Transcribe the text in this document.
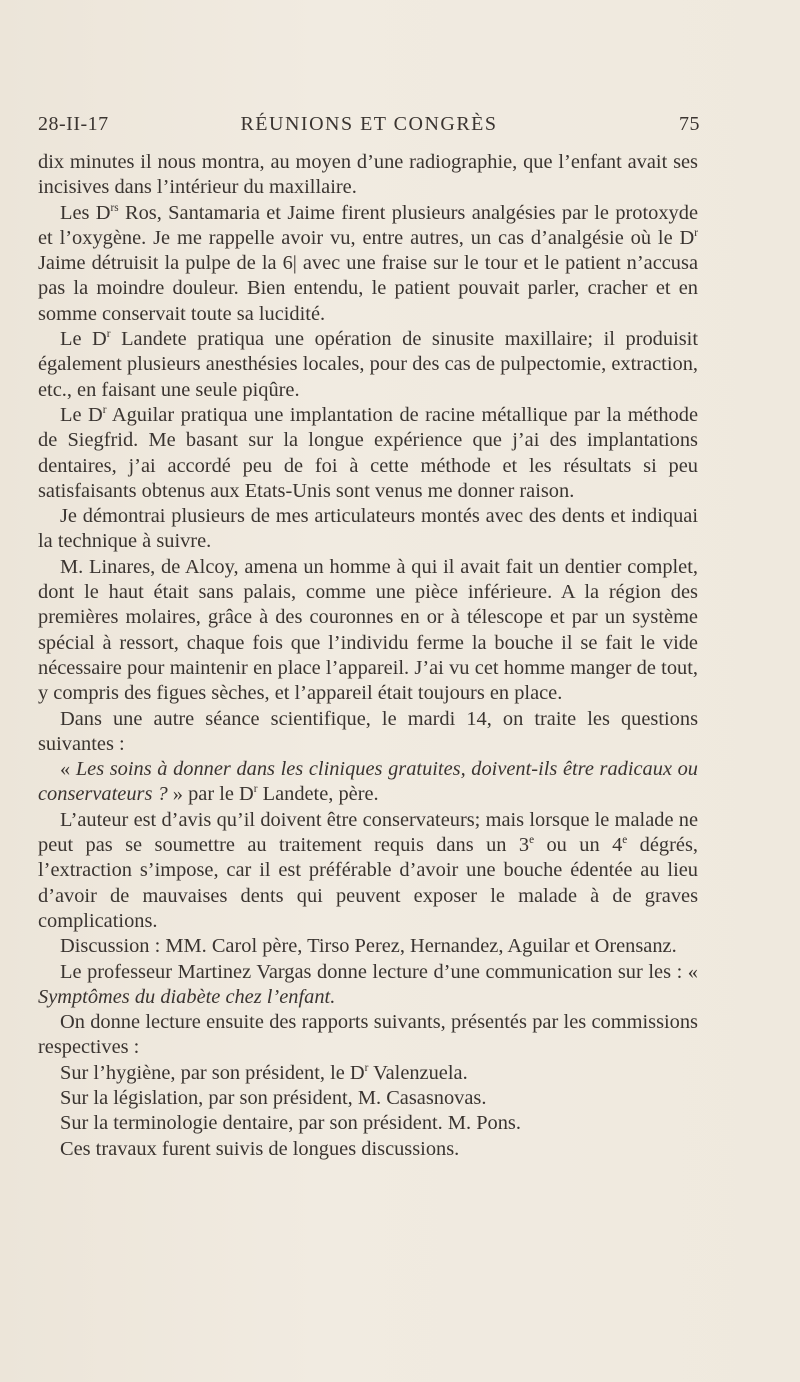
28-II-17	RÉUNIONS ET CONGRÈS	75

dix minutes il nous montra, au moyen d’une radiographie, que l’enfant avait ses incisives dans l’intérieur du maxillaire.

Les $D^{rs}$ Ros, Santamaria et Jaime firent plusieurs analgésies par le protoxyde et l’oxygène. Je me rappelle avoir vu, entre autres, un cas d’analgésie où le $D^r$ Jaime détruisit la pulpe de la 6| avec une fraise sur le tour et le patient n’accusa pas la moindre douleur. Bien entendu, le patient pouvait parler, cracher et en somme conservait toute sa lucidité.

Le $D^r$ Landete pratiqua une opération de sinusite maxillaire; il produisit également plusieurs anesthésies locales, pour des cas de pulpectomie, extraction, etc., en faisant une seule piqûre.

Le $D^r$ Aguilar pratiqua une implantation de racine métallique par la méthode de Siegfrid. Me basant sur la longue expérience que j’ai des implantations dentaires, j’ai accordé peu de foi à cette méthode et les résultats si peu satisfaisants obtenus aux Etats-Unis sont venus me donner raison.

Je démontrai plusieurs de mes articulateurs montés avec des dents et indiquai la technique à suivre.

M. Linares, de Alcoy, amena un homme à qui il avait fait un dentier complet, dont le haut était sans palais, comme une pièce inférieure. A la région des premières molaires, grâce à des couronnes en or à télescope et par un système spécial à ressort, chaque fois que l’individu ferme la bouche il se fait le vide nécessaire pour maintenir en place l’appareil. J’ai vu cet homme manger de tout, y compris des figues sèches, et l’appareil était toujours en place.

Dans une autre séance scientifique, le mardi 14, on traite les questions suivantes :

« Les soins à donner dans les cliniques gratuites, doivent-ils être radicaux ou conservateurs ? » par le $D^r$ Landete, père.

L’auteur est d’avis qu’il doivent être conservateurs; mais lorsque le malade ne peut pas se soumettre au traitement requis dans un 3e ou un 4e dégrés, l’extraction s’impose, car il est préférable d’avoir une bouche édentée au lieu d’avoir de mauvaises dents qui peuvent exposer le malade à de graves complications.

Discussion : MM. Carol père, Tirso Perez, Hernandez, Aguilar et Orensanz.

Le professeur Martinez Vargas donne lecture d’une communication sur les : « Symptômes du diabète chez l’enfant.

On donne lecture ensuite des rapports suivants, présentés par les commissions respectives :

Sur l’hygiène, par son président, le $D^r$ Valenzuela.

Sur la législation, par son président, M. Casasnovas.

Sur la terminologie dentaire, par son président. M. Pons.

Ces travaux furent suivis de longues discussions.
